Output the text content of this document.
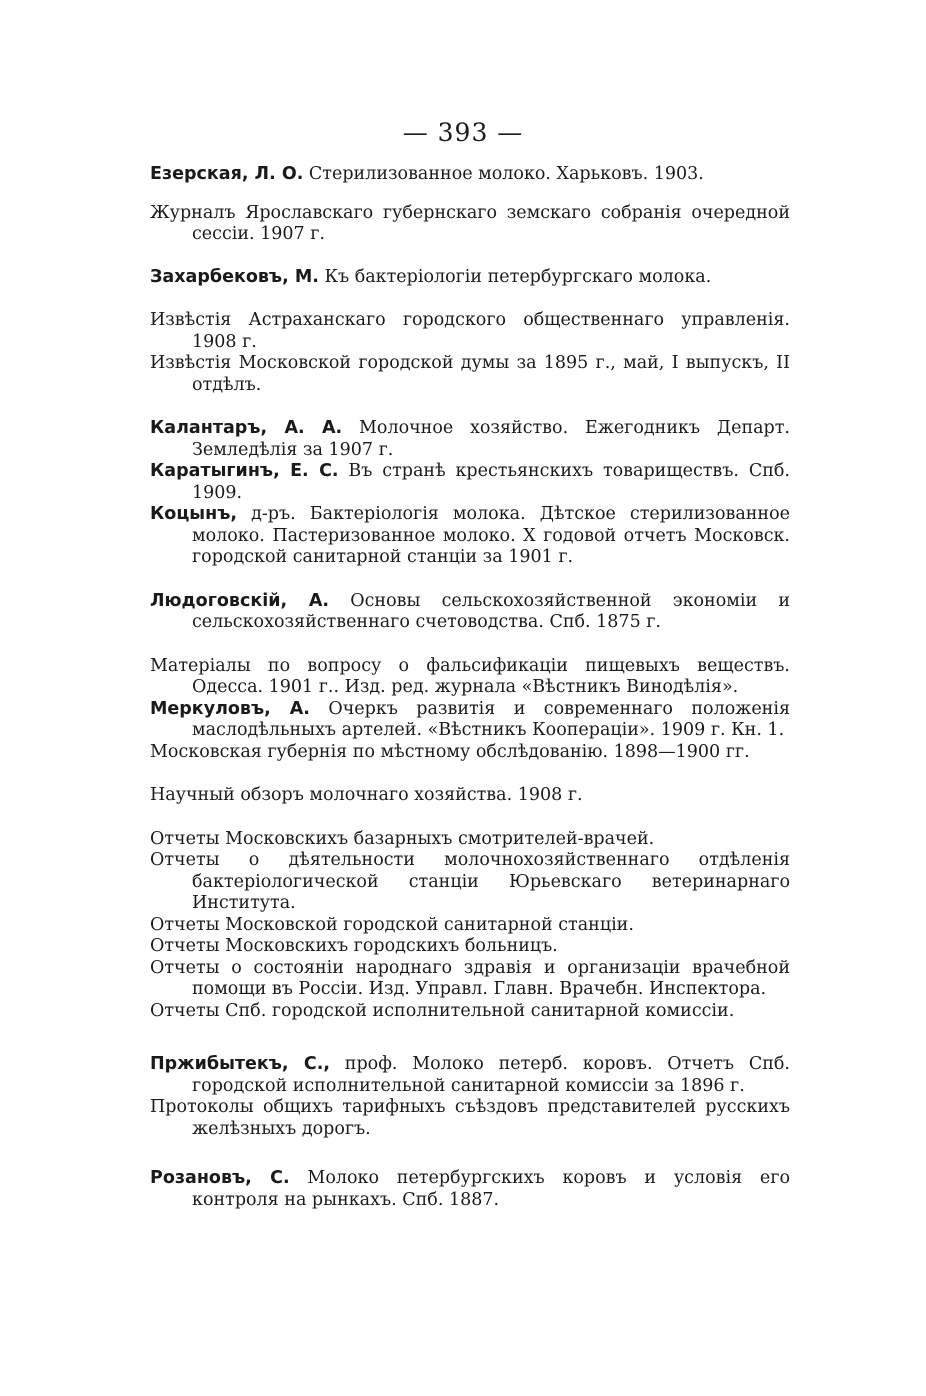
— 393 —

Езерская, Л. О. Стерилизованное молоко. Харьковъ. 1903.

Журналъ Ярославскаго губернскаго земскаго собранія очередной сессіи. 1907 г.

Захарбековъ, М. Къ бактеріологіи петербургскаго молока.

Извѣстія Астраханскаго городского общественнаго управленія. 1908 г.

Извѣстія Московской городской думы за 1895 г., май, I выпускъ, II отдѣлъ.

Калантаръ, А. А. Молочное хозяйство. Ежегодникъ Департ. Земледѣлія за 1907 г.

Каратыгинъ, Е. С. Въ странѣ крестьянскихъ товариществъ. Спб. 1909.

Коцынъ, д-ръ. Бактеріологія молока. Дѣтское стерилизованное молоко. Пастеризованное молоко. X годовой отчетъ Московск. городской санитарной станціи за 1901 г.

Людоговскій, А. Основы сельскохозяйственной экономіи и сельскохозяйственнаго счетоводства. Спб. 1875 г.

Матеріалы по вопросу о фальсификаціи пищевыхъ веществъ. Одесса. 1901 г.. Изд. ред. журнала «Вѣстникъ Винодѣлія».

Меркуловъ, А. Очеркъ развитія и современнаго положенія маслодѣльныхъ артелей. «Вѣстникъ Коопераціи». 1909 г. Кн. 1.

Московская губернія по мѣстному обслѣдованію. 1898—1900 гг.

Научный обзоръ молочнаго хозяйства. 1908 г.

Отчеты Московскихъ базарныхъ смотрителей-врачей.

Отчеты о дѣятельности молочнохозяйственнаго отдѣленія бактеріологической станціи Юрьевскаго ветеринарнаго Института.

Отчеты Московской городской санитарной станціи.

Отчеты Московскихъ городскихъ больницъ.

Отчеты о состояніи народнаго здравія и организаціи врачебной помощи въ Россіи. Изд. Управл. Главн. Врачебн. Инспектора.

Отчеты Спб. городской исполнительной санитарной комиссіи.

Пржибытекъ, С., проф. Молоко петерб. коровъ. Отчетъ Спб. городской исполнительной санитарной комиссіи за 1896 г.

Протоколы общихъ тарифныхъ съѣздовъ представителей русскихъ желѣзныхъ дорогъ.

Розановъ, С. Молоко петербургскихъ коровъ и условія его контроля на рынкахъ. Спб. 1887.
